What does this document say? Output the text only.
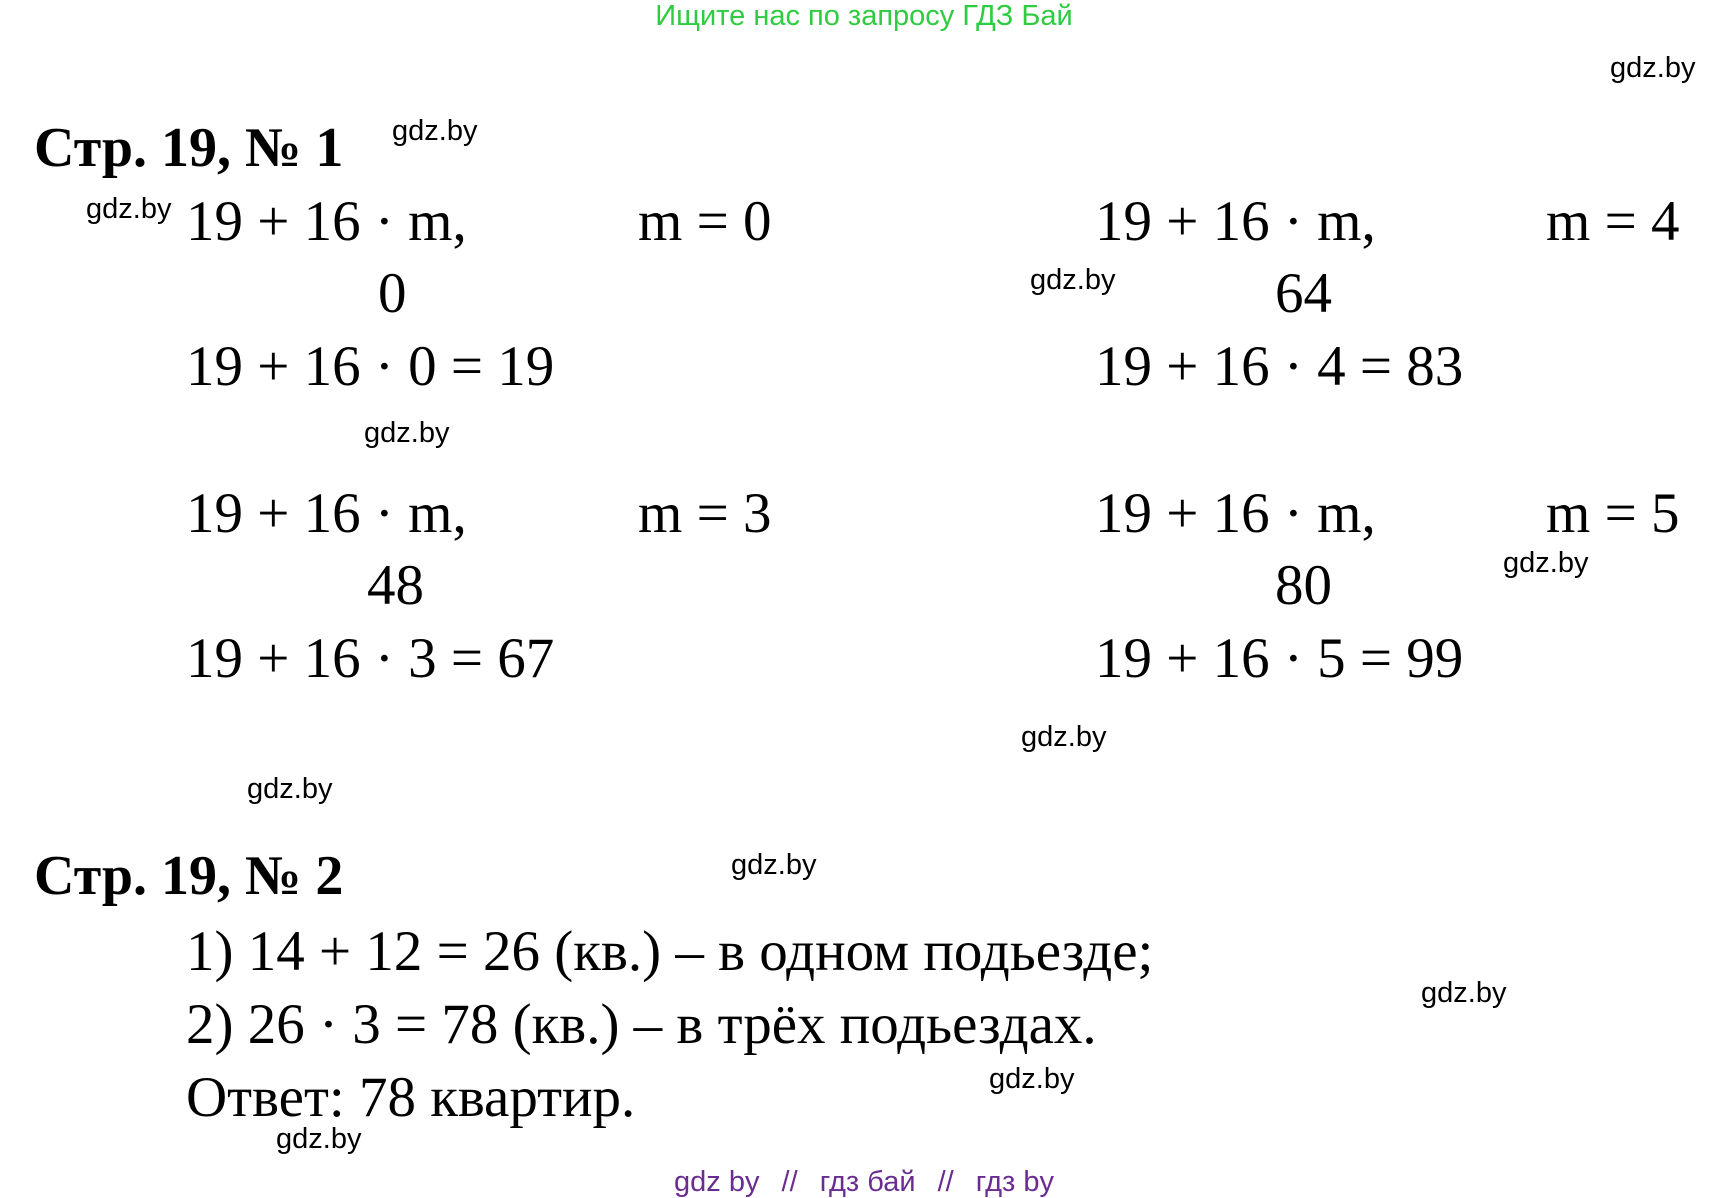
Ищите нас по запросу ГДЗ Бай
gdz.by
gdz.by
gdz.by
gdz.by
gdz.by
gdz.by
gdz.by
gdz.by
gdz.by
gdz.by
gdz.by
gdz.by
Стр. 19, № 1
19 + 16 · m,	m = 0
0
19 + 16 · 0 = 19
19 + 16 · m,	m = 4
64
19 + 16 · 4 = 83
19 + 16 · m,	m = 3
48
19 + 16 · 3 = 67
19 + 16 · m,	m = 5
80
19 + 16 · 5 = 99
Стр. 19, № 2
1) 14 + 12 = 26 (кв.) – в одном подьезде;
2) 26 · 3 = 78 (кв.) – в трёх подьездах.
Ответ: 78 квартир.
gdz by // гдз бай // гдз by
